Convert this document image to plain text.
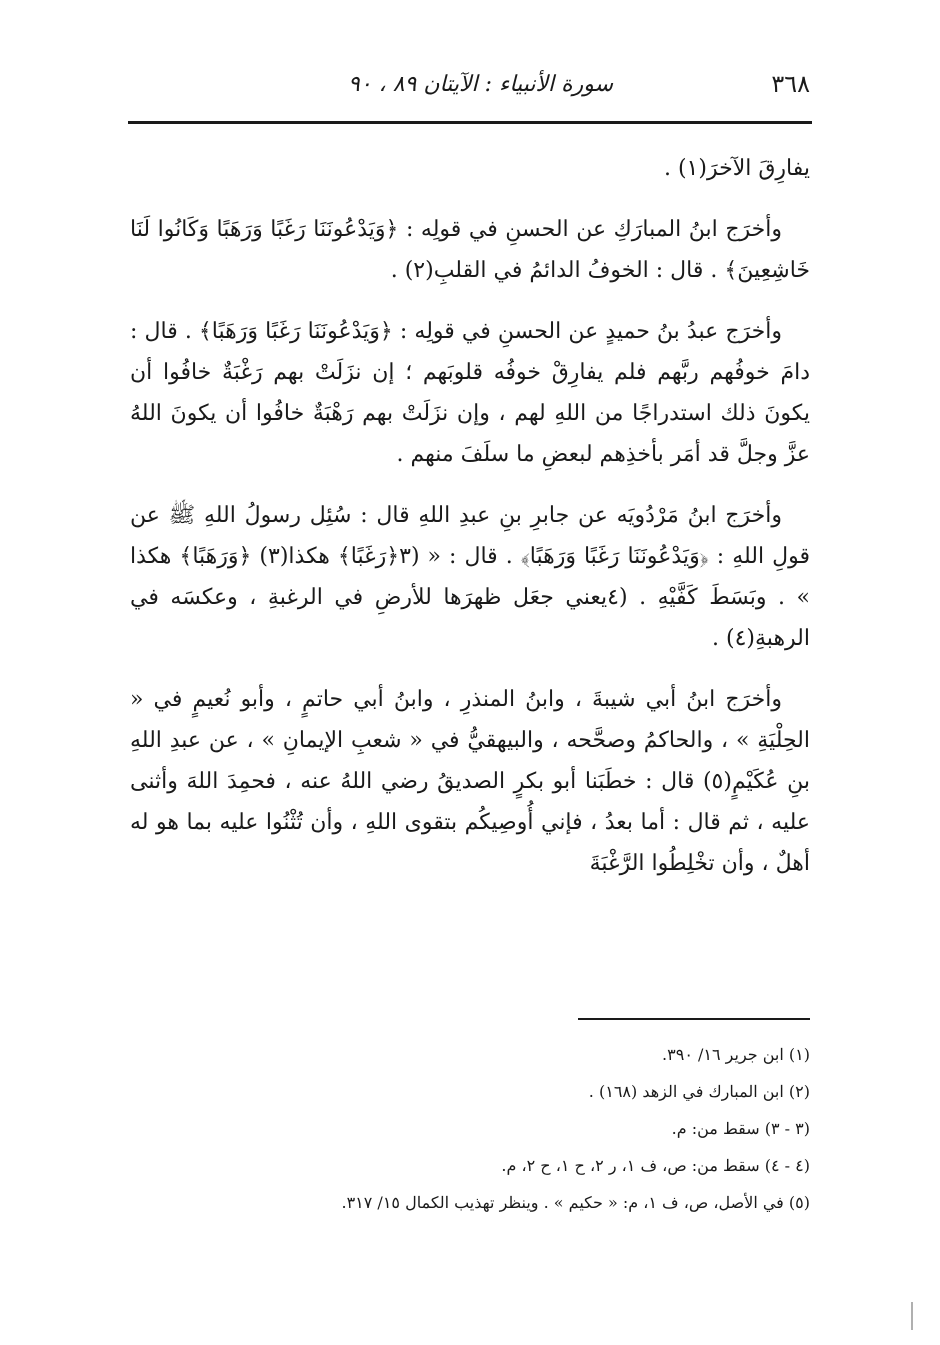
٣٦٨
سورة الأنبياء : الآيتان ٨٩ ، ٩٠

يفارِقَ الآخرَ(١) .

وأخرَج ابنُ المبارَكِ عن الحسنِ في قولِه : ﴿وَيَدْعُونَنَا رَغَبًا وَرَهَبًا وَكَانُوا لَنَا خَاشِعِينَ﴾ . قال : الخوفُ الدائمُ في القلبِ(٢) .

وأخرَج عبدُ بنُ حميدٍ عن الحسنِ في قولِه : ﴿وَيَدْعُونَنَا رَغَبًا وَرَهَبًا﴾ . قال : دامَ خوفُهم ربَّهم فلم يفارِقْ خوفُه قلوبَهم ؛ إن نزَلَتْ بهم رَغْبَةٌ خافُوا أن يكونَ ذلك استدراجًا من اللهِ لهم ، وإن نزَلَتْ بهم رَهْبَةٌ خافُوا أن يكونَ اللهُ عزَّ وجلَّ قد أمَر بأخذِهم لبعضِ ما سلَفَ منهم .

وأخرَج ابنُ مَرْدُويَه عن جابرِ بنِ عبدِ اللهِ قال : سُئِل رسولُ اللهِ ﷺ عن قولِ اللهِ : ﴿وَيَدْعُونَنَا رَغَبًا وَرَهَبًا﴾ . قال : « (٣﴿رَغَبًا﴾ هكذا(٣) ﴿وَرَهَبًا﴾ هكذا » . وبَسَطَ كَفَّيْهِ . (٤يعني جعَل ظهرَها للأرضِ في الرغبةِ ، وعكسَه في الرهبةِ(٤) .

وأخرَج ابنُ أبي شيبةَ ، وابنُ المنذرِ ، وابنُ أبي حاتمٍ ، وأبو نُعيمٍ في « الحِلْيَةِ » ، والحاكمُ وصحَّحه ، والبيهقيُّ في « شعبِ الإيمانِ » ، عن عبدِ اللهِ بنِ عُكَيْمٍ(٥) قال : خطَبَنا أبو بكرٍ الصديقُ رضي اللهُ عنه ، فحمِدَ اللهَ وأثنى عليه ، ثم قال : أما بعدُ ، فإني أُوصِيكُم بتقوى اللهِ ، وأن تُثْنُوا عليه بما هو له أهلٌ ، وأن تخْلِطُوا الرَّغْبَةَ

(١) ابن جرير ١٦/ ٣٩٠.

(٢) ابن المبارك في الزهد (١٦٨) .

(٣ - ٣) سقط من: م.

(٤ - ٤) سقط من: ص، ف ١، ر ٢، ح ١، ح ٢، م.

(٥) في الأصل، ص، ف ١، م: « حكيم » . وينظر تهذيب الكمال ١٥/ ٣١٧.
